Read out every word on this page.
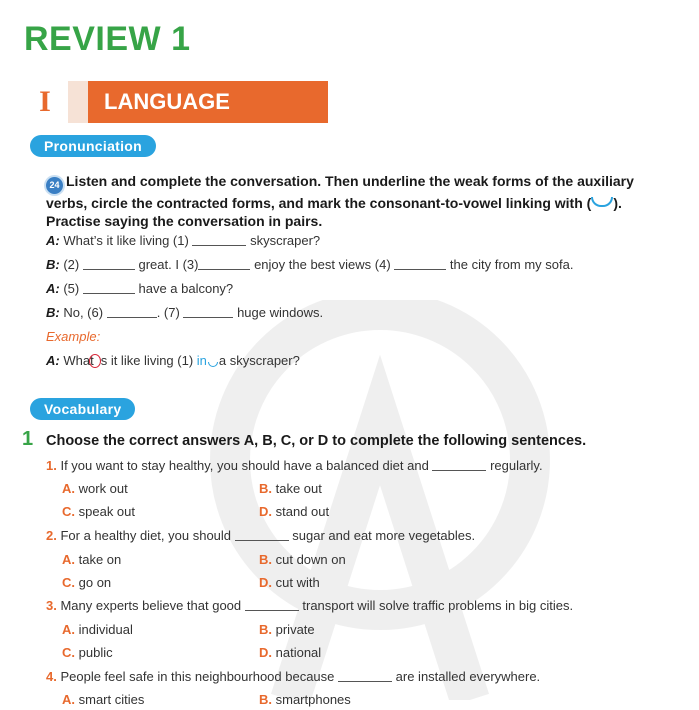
REVIEW 1
I	LANGUAGE
Pronunciation
24 Listen and complete the conversation. Then underline the weak forms of the auxiliary verbs, circle the contracted forms, and mark the consonant-to-vowel linking with ( ). Practise saying the conversation in pairs.
A: What’s it like living (1)	skyscraper?
B: (2)	great. I (3)	enjoy the best views (4)	the city from my sofa.
A: (5)	have a balcony?
B: No, (6)	. (7)	huge windows.
Example:
A: What s it like living (1) in a skyscraper?
Vocabulary
1 Choose the correct answers A, B, C, or D to complete the following sentences.
1. If you want to stay healthy, you should have a balanced diet and	regularly.
A. work out	B. take out
C. speak out	D. stand out
2. For a healthy diet, you should	sugar and eat more vegetables.
A. take on	B. cut down on
C. go on	D. cut with
3. Many experts believe that good	transport will solve traffic problems in big cities.
A. individual	B. private
C. public	D. national
4. People feel safe in this neighbourhood because	are installed everywhere.
A. smart cities	B. smartphones
